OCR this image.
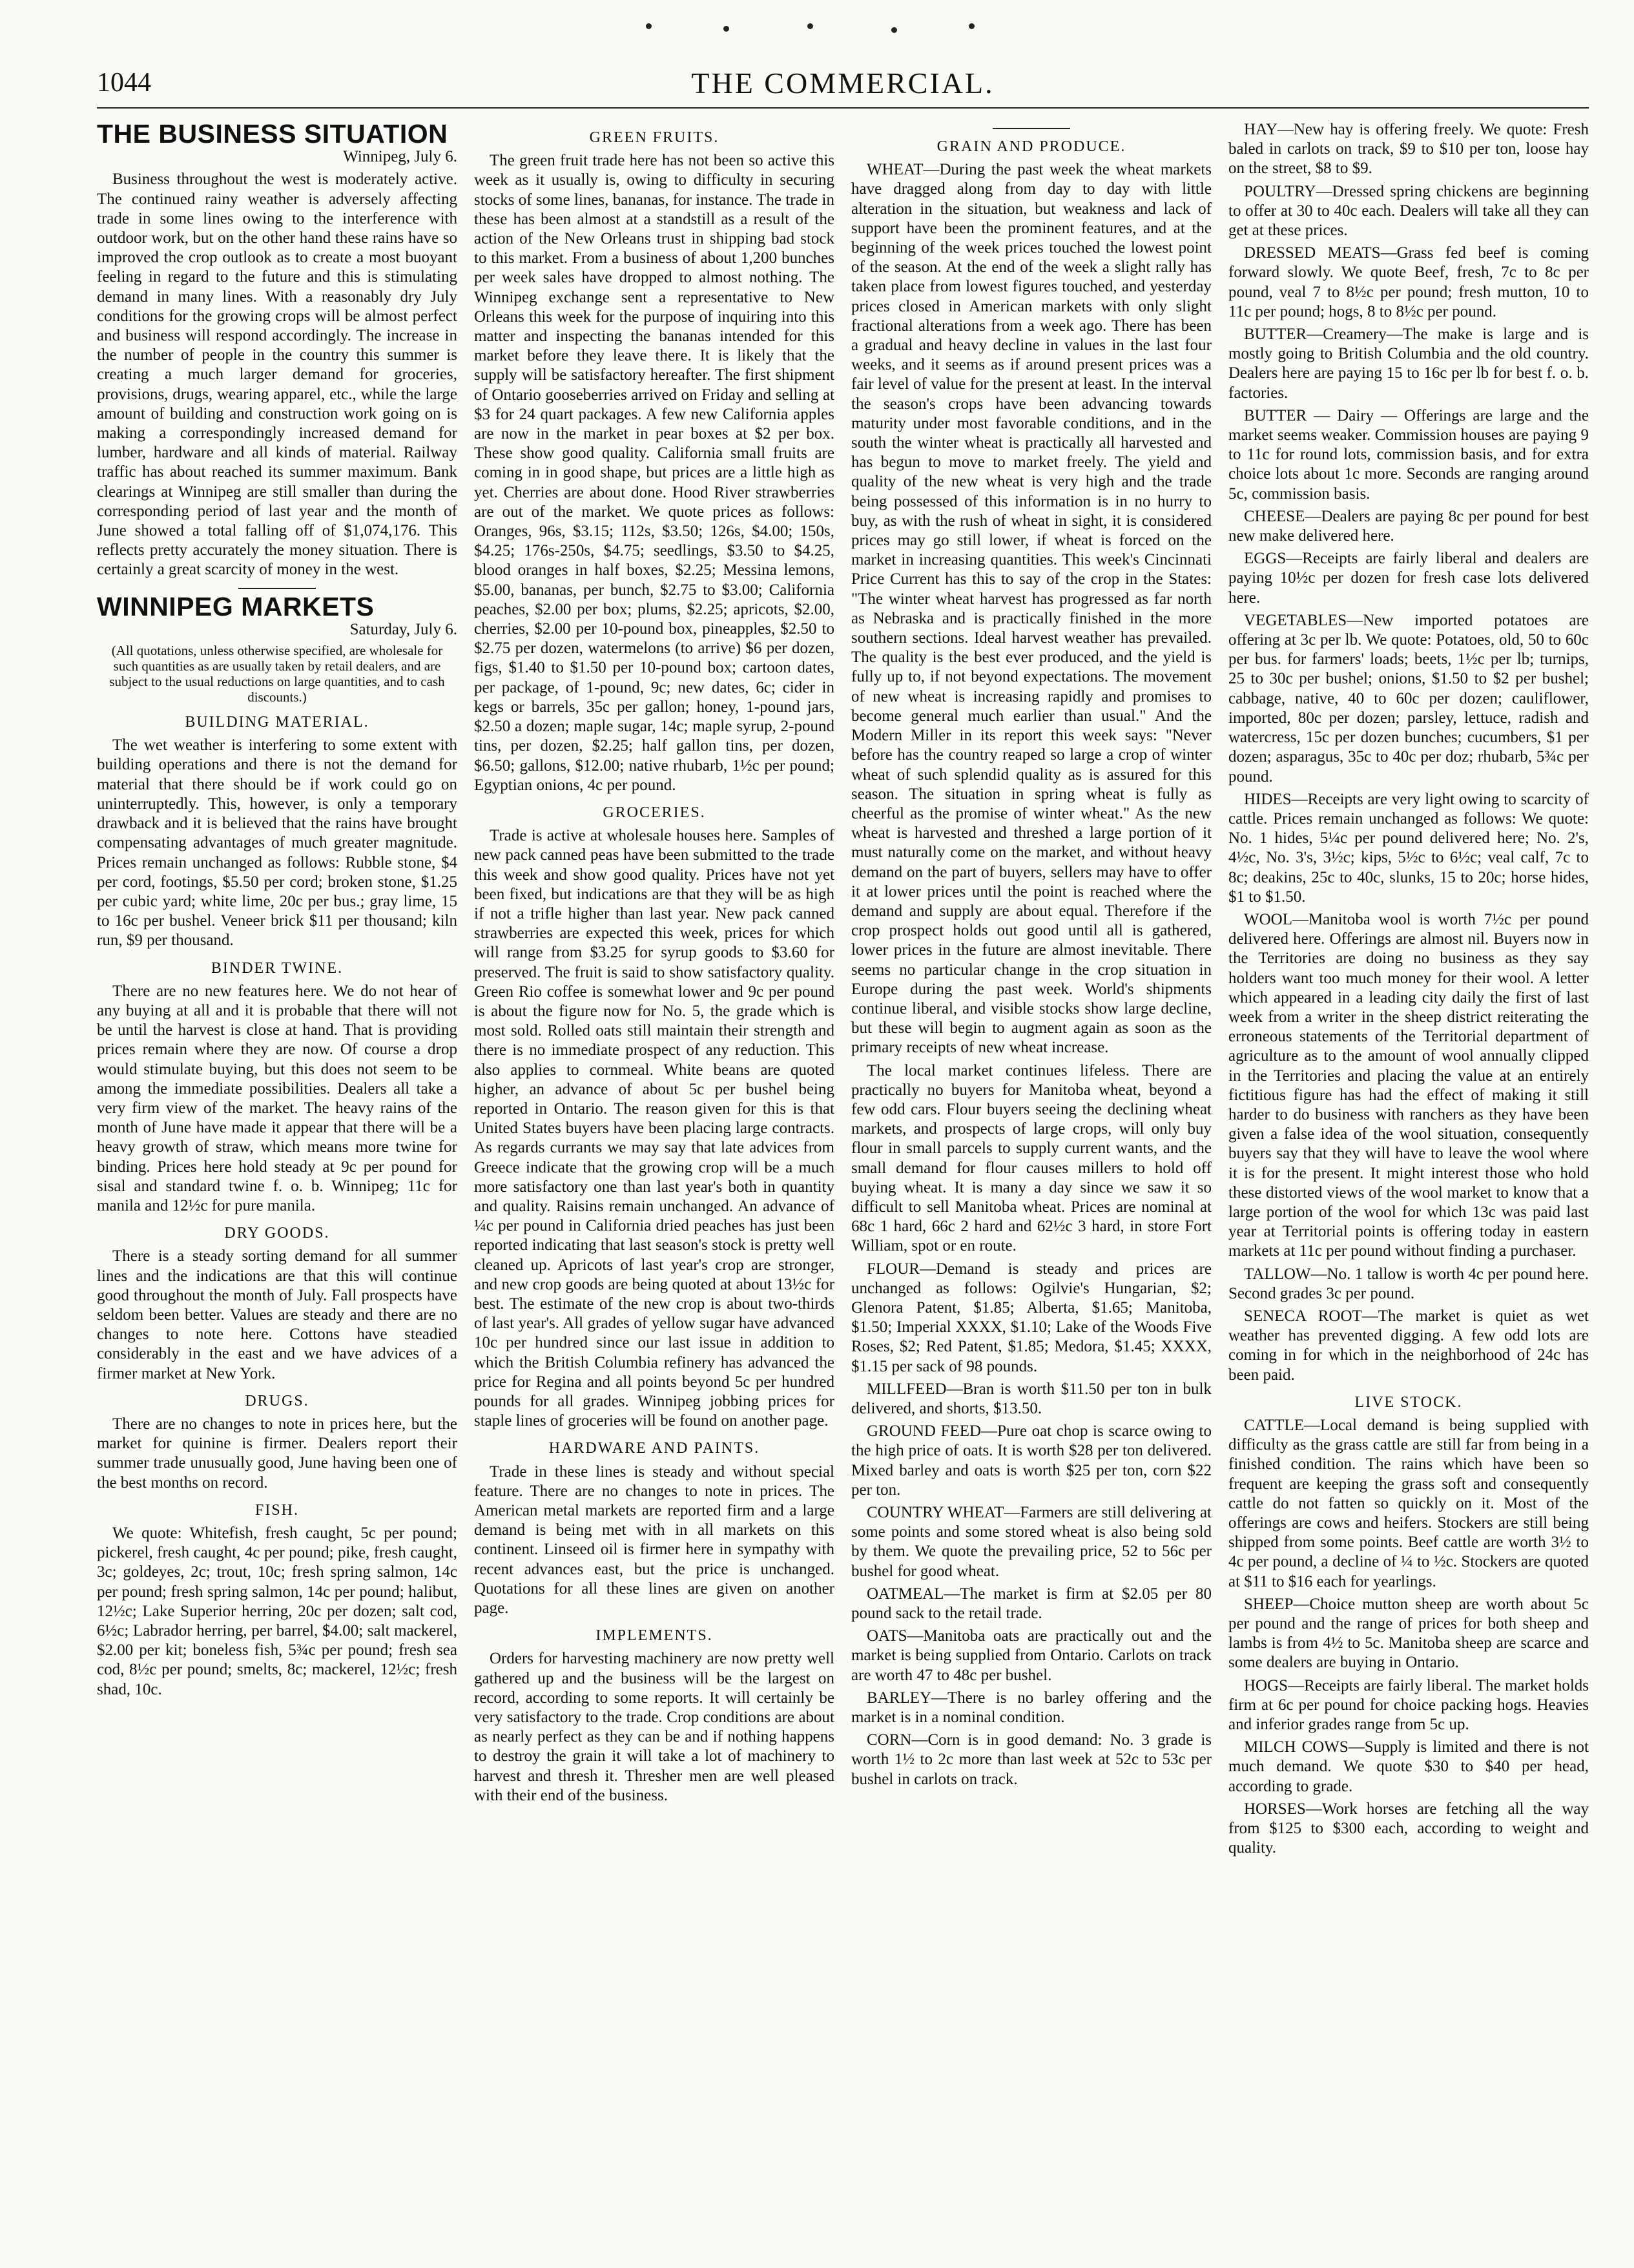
1044	THE COMMERCIAL.
THE BUSINESS SITUATION

Winnipeg, July 6.

Business throughout the west is moderately active. The continued rainy weather is adversely affecting trade in some lines owing to the interference with outdoor work, but on the other hand these rains have so improved the crop outlook as to create a most buoyant feeling in regard to the future and this is stimulating demand in many lines. With a reasonably dry July conditions for the growing crops will be almost perfect and business will respond accordingly. The increase in the number of people in the country this summer is creating a much larger demand for groceries, provisions, drugs, wearing apparel, etc., while the large amount of building and construction work going on is making a correspondingly increased demand for lumber, hardware and all kinds of material. Railway traffic has about reached its summer maximum. Bank clearings at Winnipeg are still smaller than during the corresponding period of last year and the month of June showed a total falling off of $1,074,176. This reflects pretty accurately the money situation. There is certainly a great scarcity of money in the west.

WINNIPEG MARKETS

Saturday, July 6.

(All quotations, unless otherwise specified, are wholesale for such quantities as are usually taken by retail dealers, and are subject to the usual reductions on large quantities, and to cash discounts.)
BUILDING MATERIAL.

The wet weather is interfering to some extent with building operations and there is not the demand for material that there should be if work could go on uninterruptedly. This, however, is only a temporary drawback and it is believed that the rains have brought compensating advantages of much greater magnitude. Prices remain unchanged as follows: Rubble stone, $4 per cord, footings, $5.50 per cord; broken stone, $1.25 per cubic yard; white lime, 20c per bus.; gray lime, 15 to 16c per bushel. Veneer brick $11 per thousand; kiln run, $9 per thousand.

BINDER TWINE.

There are no new features here. We do not hear of any buying at all and it is probable that there will not be until the harvest is close at hand. That is providing prices remain where they are now. Of course a drop would stimulate buying, but this does not seem to be among the immediate possibilities. Dealers all take a very firm view of the market. The heavy rains of the month of June have made it appear that there will be a heavy growth of straw, which means more twine for binding. Prices here hold steady at 9c per pound for sisal and standard twine f. o. b. Winnipeg; 11c for manila and 12½c for pure manila.

DRY GOODS.

There is a steady sorting demand for all summer lines and the indications are that this will continue good throughout the month of July. Fall prospects have seldom been better. Values are steady and there are no changes to note here. Cottons have steadied considerably in the east and we have advices of a firmer market at New York.

DRUGS.

There are no changes to note in prices here, but the market for quinine is firmer. Dealers report their summer trade unusually good, June having been one of the best months on record.

FISH.

We quote: Whitefish, fresh caught, 5c per pound; pickerel, fresh caught, 4c per pound; pike, fresh caught, 3c; goldeyes, 2c; trout, 10c; fresh spring salmon, 14c per pound; fresh spring salmon, 14c per pound; halibut, 12½c; Lake Superior herring, 20c per dozen; salt cod, 6½c; Labrador herring, per barrel, $4.00; salt mackerel, $2.00 per kit; boneless fish, 5¾c per pound; fresh sea cod, 8½c per pound; smelts, 8c; mackerel, 12½c; fresh shad, 10c.

GREEN FRUITS.

The green fruit trade here has not been so active this week as it usually is, owing to difficulty in securing stocks of some lines, bananas, for instance. The trade in these has been almost at a standstill as a result of the action of the New Orleans trust in shipping bad stock to this market. From a business of about 1,200 bunches per week sales have dropped to almost nothing. The Winnipeg exchange sent a representative to New Orleans this week for the purpose of inquiring into this matter and inspecting the bananas intended for this market before they leave there. It is likely that the supply will be satisfactory hereafter. The first shipment of Ontario gooseberries arrived on Friday and selling at $3 for 24 quart packages. A few new California apples are now in the market in pear boxes at $2 per box. These show good quality. California small fruits are coming in in good shape, but prices are a little high as yet. Cherries are about done. Hood River strawberries are out of the market. We quote prices as follows: Oranges, 96s, $3.15; 112s, $3.50; 126s, $4.00; 150s, $4.25; 176s-250s, $4.75; seedlings, $3.50 to $4.25, blood oranges in half boxes, $2.25; Messina lemons, $5.00, bananas, per bunch, $2.75 to $3.00; California peaches, $2.00 per box; plums, $2.25; apricots, $2.00, cherries, $2.00 per 10-pound box, pineapples, $2.50 to $2.75 per dozen, watermelons (to arrive) $6 per dozen, figs, $1.40 to $1.50 per 10-pound box; cartoon dates, per package, of 1-pound, 9c; new dates, 6c; cider in kegs or barrels, 35c per gallon; honey, 1-pound jars, $2.50 a dozen; maple sugar, 14c; maple syrup, 2-pound tins, per dozen, $2.25; half gallon tins, per dozen, $6.50; gallons, $12.00; native rhubarb, 1½c per pound; Egyptian onions, 4c per pound.

GROCERIES.

Trade is active at wholesale houses here. Samples of new pack canned peas have been submitted to the trade this week and show good quality. Prices have not yet been fixed, but indications are that they will be as high if not a trifle higher than last year. New pack canned strawberries are expected this week, prices for which will range from $3.25 for syrup goods to $3.60 for preserved. The fruit is said to show satisfactory quality. Green Rio coffee is somewhat lower and 9c per pound is about the figure now for No. 5, the grade which is most sold. Rolled oats still maintain their strength and there is no immediate prospect of any reduction. This also applies to cornmeal. White beans are quoted higher, an advance of about 5c per bushel being reported in Ontario. The reason given for this is that United States buyers have been placing large contracts. As regards currants we may say that late advices from Greece indicate that the growing crop will be a much more satisfactory one than last year's both in quantity and quality. Raisins remain unchanged. An advance of ¼c per pound in California dried peaches has just been reported indicating that last season's stock is pretty well cleaned up. Apricots of last year's crop are stronger, and new crop goods are being quoted at about 13½c for best. The estimate of the new crop is about two-thirds of last year's. All grades of yellow sugar have advanced 10c per hundred since our last issue in addition to which the British Columbia refinery has advanced the price for Regina and all points beyond 5c per hundred pounds for all grades. Winnipeg jobbing prices for staple lines of groceries will be found on another page.

HARDWARE AND PAINTS.

Trade in these lines is steady and without special feature. There are no changes to note in prices. The American metal markets are reported firm and a large demand is being met with in all markets on this continent. Linseed oil is firmer here in sympathy with recent advances east, but the price is unchanged. Quotations for all these lines are given on another page.

IMPLEMENTS.

Orders for harvesting machinery are now pretty well gathered up and the business will be the largest on record, according to some reports. It will certainly be very satisfactory to the trade. Crop conditions are about as nearly perfect as they can be and if nothing happens to destroy the grain it will take a lot of machinery to harvest and thresh it. Thresher men are well pleased with their end of the business.

GRAIN AND PRODUCE.

WHEAT—During the past week the wheat markets have dragged along from day to day with little alteration in the situation, but weakness and lack of support have been the prominent features, and at the beginning of the week prices touched the lowest point of the season. At the end of the week a slight rally has taken place from lowest figures touched, and yesterday prices closed in American markets with only slight fractional alterations from a week ago. There has been a gradual and heavy decline in values in the last four weeks, and it seems as if around present prices was a fair level of value for the present at least. In the interval the season's crops have been advancing towards maturity under most favorable conditions, and in the south the winter wheat is practically all harvested and has begun to move to market freely. The yield and quality of the new wheat is very high and the trade being possessed of this information is in no hurry to buy, as with the rush of wheat in sight, it is considered prices may go still lower, if wheat is forced on the market in increasing quantities. This week's Cincinnati Price Current has this to say of the crop in the States: "The winter wheat harvest has progressed as far north as Nebraska and is practically finished in the more southern sections. Ideal harvest weather has prevailed. The quality is the best ever produced, and the yield is fully up to, if not beyond expectations. The movement of new wheat is increasing rapidly and promises to become general much earlier than usual." And the Modern Miller in its report this week says: "Never before has the country reaped so large a crop of winter wheat of such splendid quality as is assured for this season. The situation in spring wheat is fully as cheerful as the promise of winter wheat." As the new wheat is harvested and threshed a large portion of it must naturally come on the market, and without heavy demand on the part of buyers, sellers may have to offer it at lower prices until the point is reached where the demand and supply are about equal. Therefore if the crop prospect holds out good until all is gathered, lower prices in the future are almost inevitable. There seems no particular change in the crop situation in Europe during the past week. World's shipments continue liberal, and visible stocks show large decline, but these will begin to augment again as soon as the primary receipts of new wheat increase.

The local market continues lifeless. There are practically no buyers for Manitoba wheat, beyond a few odd cars. Flour buyers seeing the declining wheat markets, and prospects of large crops, will only buy flour in small parcels to supply current wants, and the small demand for flour causes millers to hold off buying wheat. It is many a day since we saw it so difficult to sell Manitoba wheat. Prices are nominal at 68c 1 hard, 66c 2 hard and 62½c 3 hard, in store Fort William, spot or en route.

FLOUR—Demand is steady and prices are unchanged as follows: Ogilvie's Hungarian, $2; Glenora Patent, $1.85; Alberta, $1.65; Manitoba, $1.50; Imperial XXXX, $1.10; Lake of the Woods Five Roses, $2; Red Patent, $1.85; Medora, $1.45; XXXX, $1.15 per sack of 98 pounds.

MILLFEED—Bran is worth $11.50 per ton in bulk delivered, and shorts, $13.50.

GROUND FEED—Pure oat chop is scarce owing to the high price of oats. It is worth $28 per ton delivered. Mixed barley and oats is worth $25 per ton, corn $22 per ton.

COUNTRY WHEAT—Farmers are still delivering at some points and some stored wheat is also being sold by them. We quote the prevailing price, 52 to 56c per bushel for good wheat.

OATMEAL—The market is firm at $2.05 per 80 pound sack to the retail trade.

OATS—Manitoba oats are practically out and the market is being supplied from Ontario. Carlots on track are worth 47 to 48c per bushel.

BARLEY—There is no barley offering and the market is in a nominal condition.

CORN—Corn is in good demand: No. 3 grade is worth 1½ to 2c more than last week at 52c to 53c per bushel in carlots on track.

HAY—New hay is offering freely. We quote: Fresh baled in carlots on track, $9 to $10 per ton, loose hay on the street, $8 to $9.

POULTRY—Dressed spring chickens are beginning to offer at 30 to 40c each. Dealers will take all they can get at these prices.

DRESSED MEATS—Grass fed beef is coming forward slowly. We quote Beef, fresh, 7c to 8c per pound, veal 7 to 8½c per pound; fresh mutton, 10 to 11c per pound; hogs, 8 to 8½c per pound.

BUTTER—Creamery—The make is large and is mostly going to British Columbia and the old country. Dealers here are paying 15 to 16c per lb for best f. o. b. factories.

BUTTER — Dairy — Offerings are large and the market seems weaker. Commission houses are paying 9 to 11c for round lots, commission basis, and for extra choice lots about 1c more. Seconds are ranging around 5c, commission basis.

CHEESE—Dealers are paying 8c per pound for best new make delivered here.

EGGS—Receipts are fairly liberal and dealers are paying 10½c per dozen for fresh case lots delivered here.

VEGETABLES—New imported potatoes are offering at 3c per lb. We quote: Potatoes, old, 50 to 60c per bus. for farmers' loads; beets, 1½c per lb; turnips, 25 to 30c per bushel; onions, $1.50 to $2 per bushel; cabbage, native, 40 to 60c per dozen; cauliflower, imported, 80c per dozen; parsley, lettuce, radish and watercress, 15c per dozen bunches; cucumbers, $1 per dozen; asparagus, 35c to 40c per doz; rhubarb, 5¾c per pound.

HIDES—Receipts are very light owing to scarcity of cattle. Prices remain unchanged as follows: We quote: No. 1 hides, 5¼c per pound delivered here; No. 2's, 4½c, No. 3's, 3½c; kips, 5½c to 6½c; veal calf, 7c to 8c; deakins, 25c to 40c, slunks, 15 to 20c; horse hides, $1 to $1.50.

WOOL—Manitoba wool is worth 7½c per pound delivered here. Offerings are almost nil. Buyers now in the Territories are doing no business as they say holders want too much money for their wool. A letter which appeared in a leading city daily the first of last week from a writer in the sheep district reiterating the erroneous statements of the Territorial department of agriculture as to the amount of wool annually clipped in the Territories and placing the value at an entirely fictitious figure has had the effect of making it still harder to do business with ranchers as they have been given a false idea of the wool situation, consequently buyers say that they will have to leave the wool where it is for the present. It might interest those who hold these distorted views of the wool market to know that a large portion of the wool for which 13c was paid last year at Territorial points is offering today in eastern markets at 11c per pound without finding a purchaser.

TALLOW—No. 1 tallow is worth 4c per pound here. Second grades 3c per pound.

SENECA ROOT—The market is quiet as wet weather has prevented digging. A few odd lots are coming in for which in the neighborhood of 24c has been paid.

LIVE STOCK.

CATTLE—Local demand is being supplied with difficulty as the grass cattle are still far from being in a finished condition. The rains which have been so frequent are keeping the grass soft and consequently cattle do not fatten so quickly on it. Most of the offerings are cows and heifers. Stockers are still being shipped from some points. Beef cattle are worth 3½ to 4c per pound, a decline of ¼ to ½c. Stockers are quoted at $11 to $16 each for yearlings.

SHEEP—Choice mutton sheep are worth about 5c per pound and the range of prices for both sheep and lambs is from 4½ to 5c. Manitoba sheep are scarce and some dealers are buying in Ontario.

HOGS—Receipts are fairly liberal. The market holds firm at 6c per pound for choice packing hogs. Heavies and inferior grades range from 5c up.

MILCH COWS—Supply is limited and there is not much demand. We quote $30 to $40 per head, according to grade.

HORSES—Work horses are fetching all the way from $125 to $300 each, according to weight and quality.
